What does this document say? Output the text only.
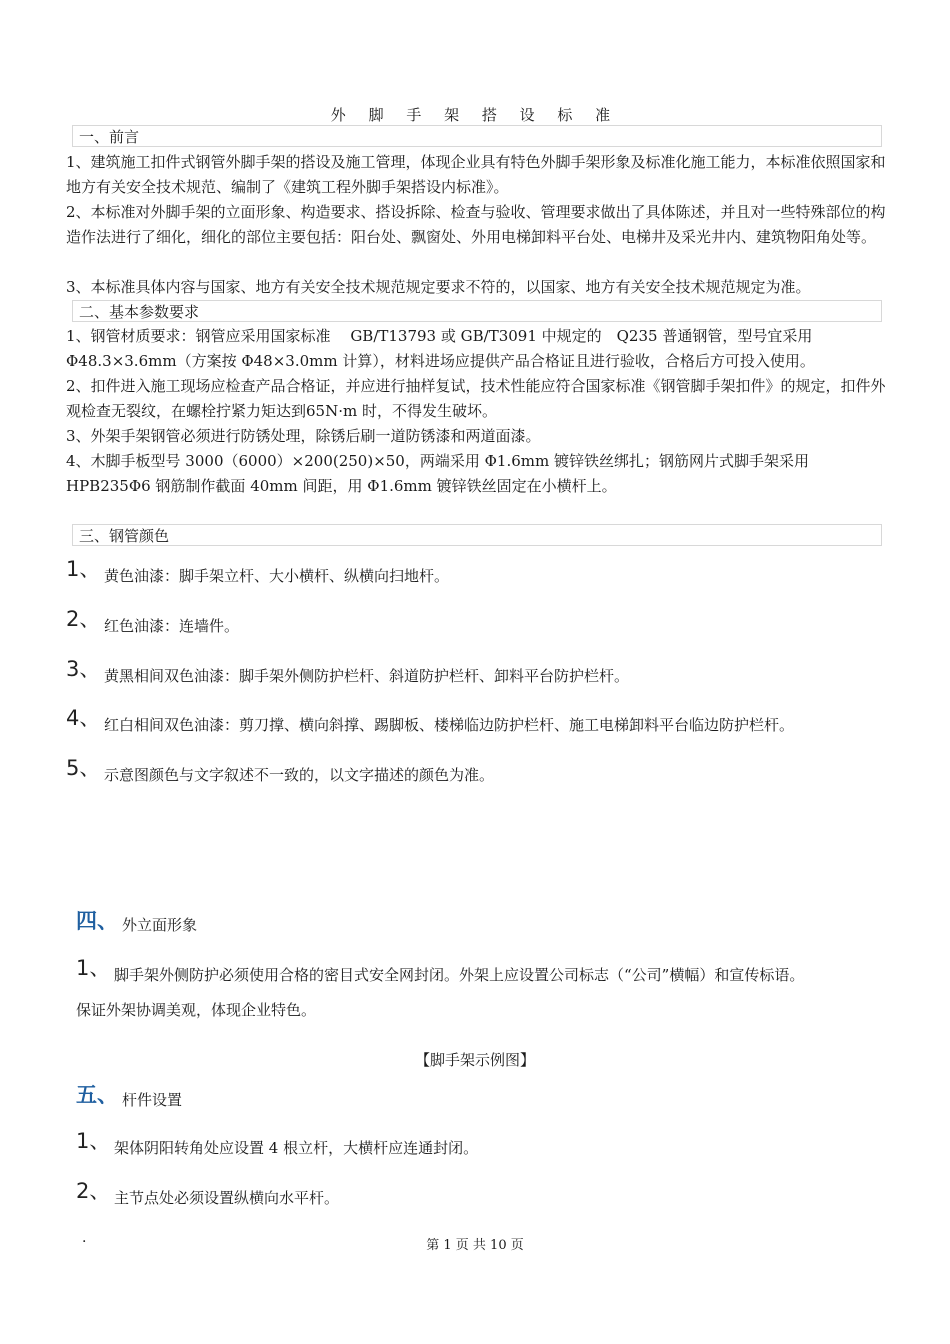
外 脚 手 架 搭 设 标 准
一、前言
1、建筑施工扣件式钢管外脚手架的搭设及施工管理，体现企业具有特色外脚手架形象及标准化施工能力，本标准依照国家和地方有关安全技术规范、编制了《建筑工程外脚手架搭设内标准》。
2、本标准对外脚手架的立面形象、构造要求、搭设拆除、检查与验收、管理要求做出了具体陈述，并且对一些特殊部位的构造作法进行了细化，细化的部位主要包括：阳台处、飘窗处、外用电梯卸料平台处、电梯井及采光井内、建筑物阳角处等。
3、本标准具体内容与国家、地方有关安全技术规范规定要求不符的，以国家、地方有关安全技术规范规定为准。
二、基本参数要求
1、钢管材质要求：钢管应采用国家标准　 GB/T13793 或 GB/T3091 中规定的　Q235 普通钢管，型号宜采用Φ48.3×3.6mm（方案按 Φ48×3.0mm 计算），材料进场应提供产品合格证且进行验收，合格后方可投入使用。
2、扣件进入施工现场应检查产品合格证，并应进行抽样复试，技术性能应符合国家标准《钢管脚手架扣件》的规定，扣件外观检查无裂纹，在螺栓拧紧力矩达到65N·m 时，不得发生破坏。
3、外架手架钢管必须进行防锈处理，除锈后刷一道防锈漆和两道面漆。
4、木脚手板型号 3000（6000）×200(250)×50，两端采用 Φ1.6mm 镀锌铁丝绑扎；钢筋网片式脚手架采用 HPB235Φ6 钢筋制作截面 40mm 间距，用 Φ1.6mm 镀锌铁丝固定在小横杆上。
三、钢管颜色
1、 黄色油漆：脚手架立杆、大小横杆、纵横向扫地杆。
2、 红色油漆：连墙件。
3、 黄黑相间双色油漆：脚手架外侧防护栏杆、斜道防护栏杆、卸料平台防护栏杆。
4、 红白相间双色油漆：剪刀撑、横向斜撑、踢脚板、楼梯临边防护栏杆、施工电梯卸料平台临边防护栏杆。
5、 示意图颜色与文字叙述不一致的，以文字描述的颜色为准。
四、 外立面形象
1、 脚手架外侧防护必须使用合格的密目式安全网封闭。外架上应设置公司标志（“公司”横幅）和宣传标语。
保证外架协调美观，体现企业特色。
【脚手架示例图】
五、 杆件设置
1、 架体阴阳转角处应设置 4 根立杆，大横杆应连通封闭。
2、 主节点处必须设置纵横向水平杆。
·	第 1 页 共 10 页
